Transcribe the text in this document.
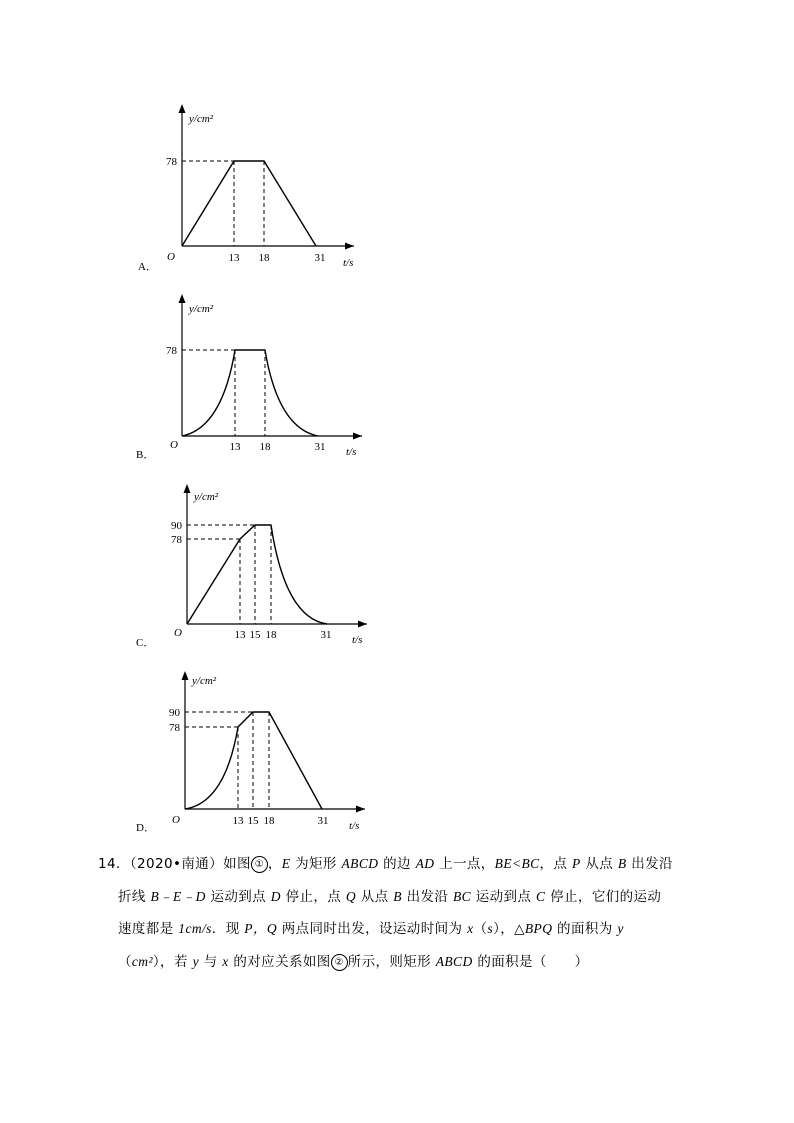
y/cm²
78
O	13 18	31 t/s
A．
y/cm²
78
O	13 18	31 t/s
B．
y/cm²
90
78
O	13 15 18	31 t/s
C．
y/cm²
90
78
O	13 15 18	31 t/s
D．
14．（2020•南通）如图 ① ，E 为矩形 ABCD 的边 AD 上一点，BE<BC，点 P 从点 B 出发沿
折线 B﹣E﹣D 运动到点 D 停止，点 Q 从点 B 出发沿 BC 运动到点 C 停止，它们的运动
速度都是 1cm/s．现 P，Q 两点同时出发，设运动时间为 x（s），△BPQ 的面积为 y
（cm²），若 y 与 x 的对应关系如图 ② 所示，则矩形 ABCD 的面积是（　　）
